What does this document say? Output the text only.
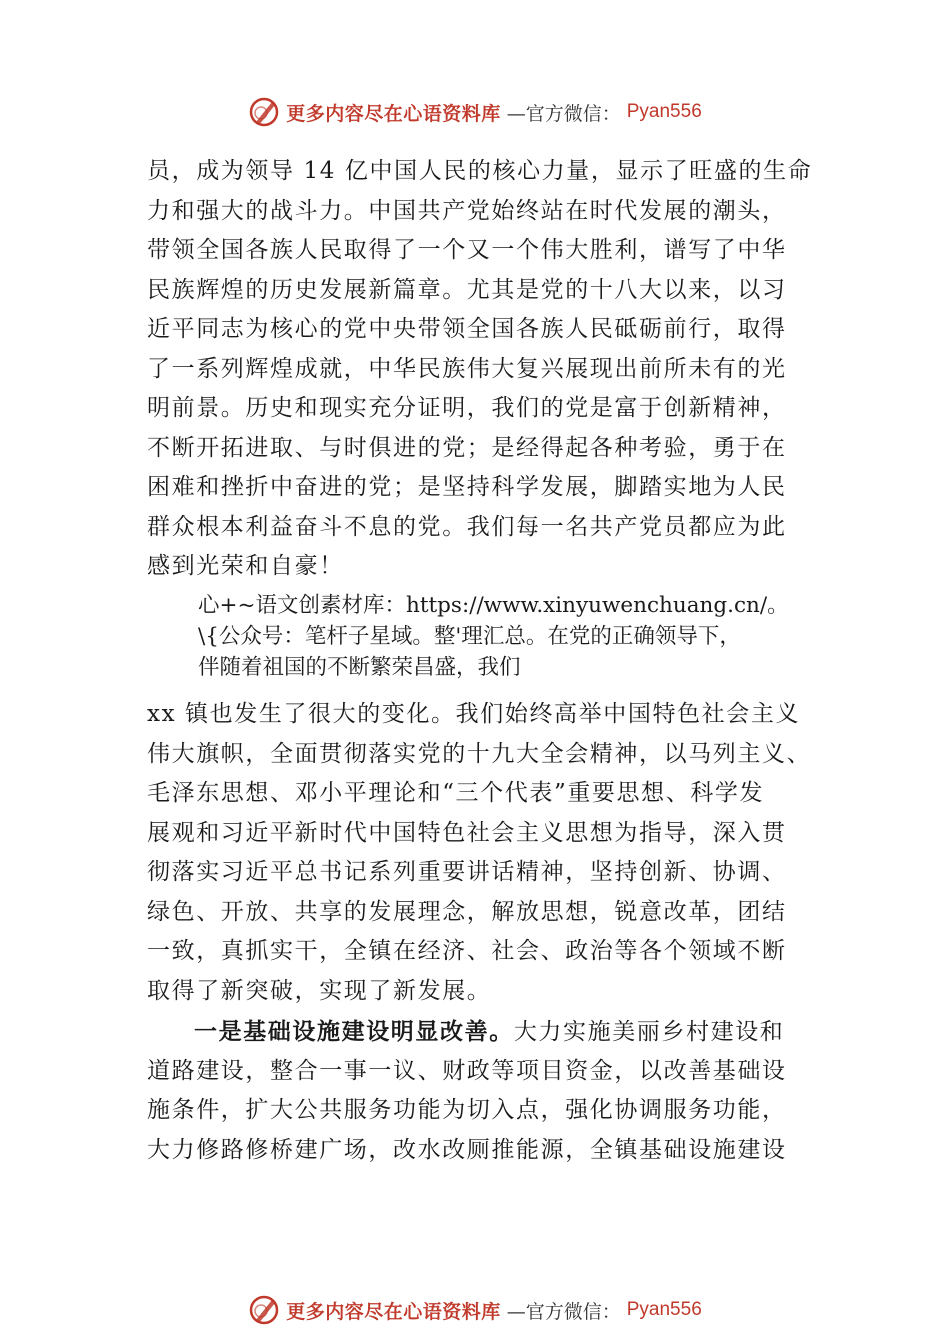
更多内容尽在心语资料库 —官方微信： Pyan556
员，成为领导 14 亿中国人民的核心力量，显示了旺盛的生命
力和强大的战斗力。中国共产党始终站在时代发展的潮头，
带领全国各族人民取得了一个又一个伟大胜利，谱写了中华
民族辉煌的历史发展新篇章。尤其是党的十八大以来，以习
近平同志为核心的党中央带领全国各族人民砥砺前行，取得
了一系列辉煌成就，中华民族伟大复兴展现出前所未有的光
明前景。历史和现实充分证明，我们的党是富于创新精神，
不断开拓进取、与时俱进的党；是经得起各种考验，勇于在
困难和挫折中奋进的党；是坚持科学发展，脚踏实地为人民
群众根本利益奋斗不息的党。我们每一名共产党员都应为此
感到光荣和自豪！
心+~语文创素材库：https://www.xinyuwenchuang.cn/。
\{公众号：笔杆子星域。整'理汇总。在党的正确领导下，
伴随着祖国的不断繁荣昌盛，我们
xx 镇也发生了很大的变化。我们始终高举中国特色社会主义
伟大旗帜，全面贯彻落实党的十九大全会精神，以马列主义、
毛泽东思想、邓小平理论和“三个代表”重要思想、科学发
展观和习近平新时代中国特色社会主义思想为指导，深入贯
彻落实习近平总书记系列重要讲话精神，坚持创新、协调、
绿色、开放、共享的发展理念，解放思想，锐意改革，团结
一致，真抓实干，全镇在经济、社会、政治等各个领域不断
取得了新突破，实现了新发展。
一是基础设施建设明显改善。大力实施美丽乡村建设和
道路建设，整合一事一议、财政等项目资金，以改善基础设
施条件，扩大公共服务功能为切入点，强化协调服务功能，
大力修路修桥建广场，改水改厕推能源，全镇基础设施建设
更多内容尽在心语资料库 —官方微信： Pyan556
